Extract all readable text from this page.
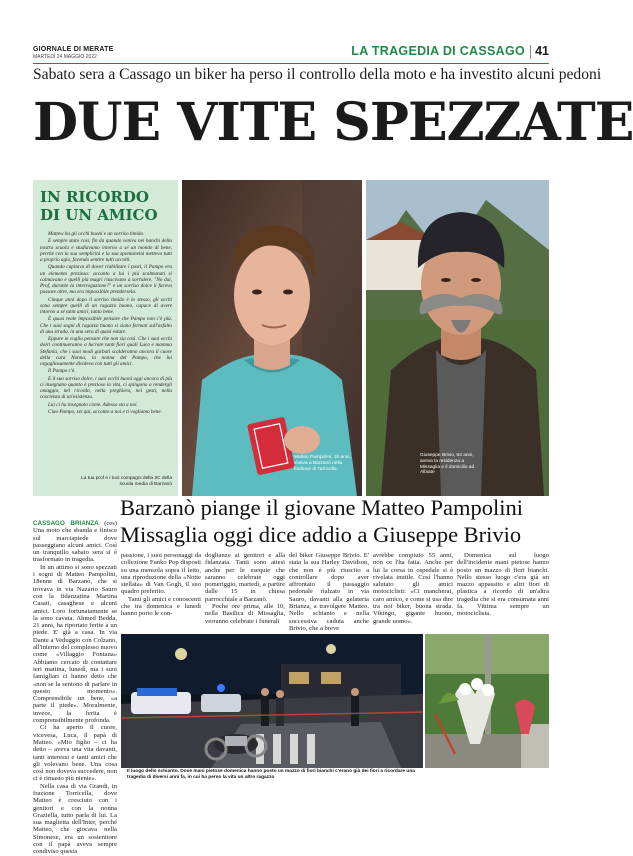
GIORNALE DI MERATE
MARTEDÌ 24 MAGGIO 2022	LA TRAGEDIA DI CASSAGO 41
Sabato sera a Cassago un biker ha perso il controllo della moto e ha investito alcuni pedoni
DUE VITE SPEZZATE
IN RICORDO DI UN AMICO

Mattew ha gli occhi buoni e un sorriso timido.

E sempre stato così, fin da quando veniva nei banchi della nostra scuola e studiavamo intorno a sé un mondo di bene, perché con la sua semplicità e la sua spontaneità metteva tutti a proprio agio, facendo sentire tutti accolti.

Quando capitava di dover riabilitare i posti, il Pampo era un elemento prezioso: accanto a lui i più scalmanati si calmavano e quelli più magri riuscivano a sorridere. "No dai, Prof, durante la interrogazione?" e un sorriso dolce li faceva passare oltre, ma era impossibile prendersela.

Cinque anni dopo il sorriso timido è lo stesso, gli occhi sono sempre quelli di un ragazzo buono, capace di avere intorno a sé tanti amici, tanto bene.

È quasi reale impossibile pensare che Pampo non c'è più. Che i suoi sogni di ragazzo buono si siano fermati sull'asfalto di una strada, in una sera di quasi estate.

Eppure in voglio pensare che non sia così. Che i suoi occhi dolci continueranno a lucrare tanti fiori quali Luca e mamma Stefania, che i suoi modi garbati scalderanno ancora il cuore della cara Nonna, la nonna del Pampo, che lui orgogliosamente divideva con tutti gli amici.

Il Pampo c'è.

E il suo sorriso dolce, i suoi occhi buoni oggi ancora di più ci insegnano quanto è prezioso la vita, ci spingono a rendergli omaggio, nel ricordo, nella preghiera, nei gesti, nella coscienza di un'esistenza.

Lui ci ha insegnato come. Adesso sta a noi.

Ciao Pampo, sei qui, accanto a noi e ti vogliamo bene.

La tua prof e i tuoi compagni della 3C della scuola media di Barzanò
Matteo Pampolini, 18 anni, viveva a Barzanò nella frazione di Torricella
Giuseppe Brivio, 64 anni, aveva la residenza a Missaglia e il domicilio ad Albiate
Barzanò piange il giovane Matteo Pampolini
Missaglia oggi dice addio a Giuseppe Brivio

CASSAGO BRIANZA (ces) Una moto che sbanda e finisce sul marciapiede dove passeggiano alcuni amici. Così un tranquillo sabato sera si è trasformato in tragedia.

In un attimo si sono spezzati i sogni di Matteo Pampolini, 18enne di Barzanò, che si trovava in via Nazario Sauro con la fidanzatina Martina Casati, casaghese e alcuni amici. Loro fortunatamente se la sono cavata. Ahmed Bedda, 21 anni, ha riportato ferite a un piede. E' già a casa. In via Dante a Veduggio con Colzano, all'interno del complesso nuovo come «Villaggio Fontana» Abbiamo cercato di contattare ieri mattina, lunedì, ma i suoi famigliari ci hanno detto che «non se la sentono di parlare in questo momento». Comprensibile un bene, «a parte il piede». Moralmente, invece, la ferita è comprensibilmente profonda.

Ci ha aperto il cuore, vicevesa, Luca, il papà di Matteo. «Mio figlio – ci ha detto – aveva una vita davanti, tanti interessi e tanti amici che gli volevano bene. Una cosa così non doveva succedere, non ci è rimasto più niente».

Nella casa di via Grandi, in frazione Torricella, dove Matteo è cresciuto con i genitori e con la nonna Graziella, tutto parla di lui. La sua maglietta dell'Inter, perché Matteo, che giocava nella Simonese, era un sostenitore con il papà aveva sempre condiviso questa

passione, i suoi personaggi da collezione Funko Pop disposti su una mensola sopra il letto, una riproduzione della «Notte stellata» di Van Gogh, il suo quadro preferito.

Tanti gli amici e conoscenti che tra domenica e lunedì hanno porto le con-

doglianze ai genitori e alla fidanzata. Tanti sono attesi anche per le esequie che saranno celebrate oggi pomeriggio, martedì, a partire dalle 15 in chiesa parrocchiale a Barzanò.

Poche ore prima, alle 10, nella Basilica di Missaglia, verranno celebrate i funerali

del biker Giuseppe Brivio. E' stata la sua Harley Davidson, che non è più riuscito a controllare dopo aver affrontato il passaggio pedonale rialzato in via Sauro, davanti alla gelateria Brianza, a travolgere Matteo. Nello schianto e nella successiva caduta anche Brivio, che a breve

avrebbe compiuto 55 anni, non ce l'ha fatta. Anche per lui la corsa in ospedale si è rivelata inutile. Così l'hanno salutato gli amici motociclisti: «Ci mancherai, caro amico, e come si usa dire tra noi biker, buona strada. Vikingo, gigante buono, grande uomo».

Domenica sul luogo dell'incidente mani pietose hanno posto un mazzo di fiori bianchi. Nello stesso luogo c'era già un mazzo appassito e altri fiori di plastica a ricordo di un'altra tragedia che si era consumata anni fa. Vittima sempre un motociclista.

Il luogo dello schianto. Dove mani pietose domenica hanno posto un mazzo di fiori bianchi c'erano già dei fiori a ricordare una tragedia di diversi anni fa, in cui ha perso la vita un altro ragazzo
